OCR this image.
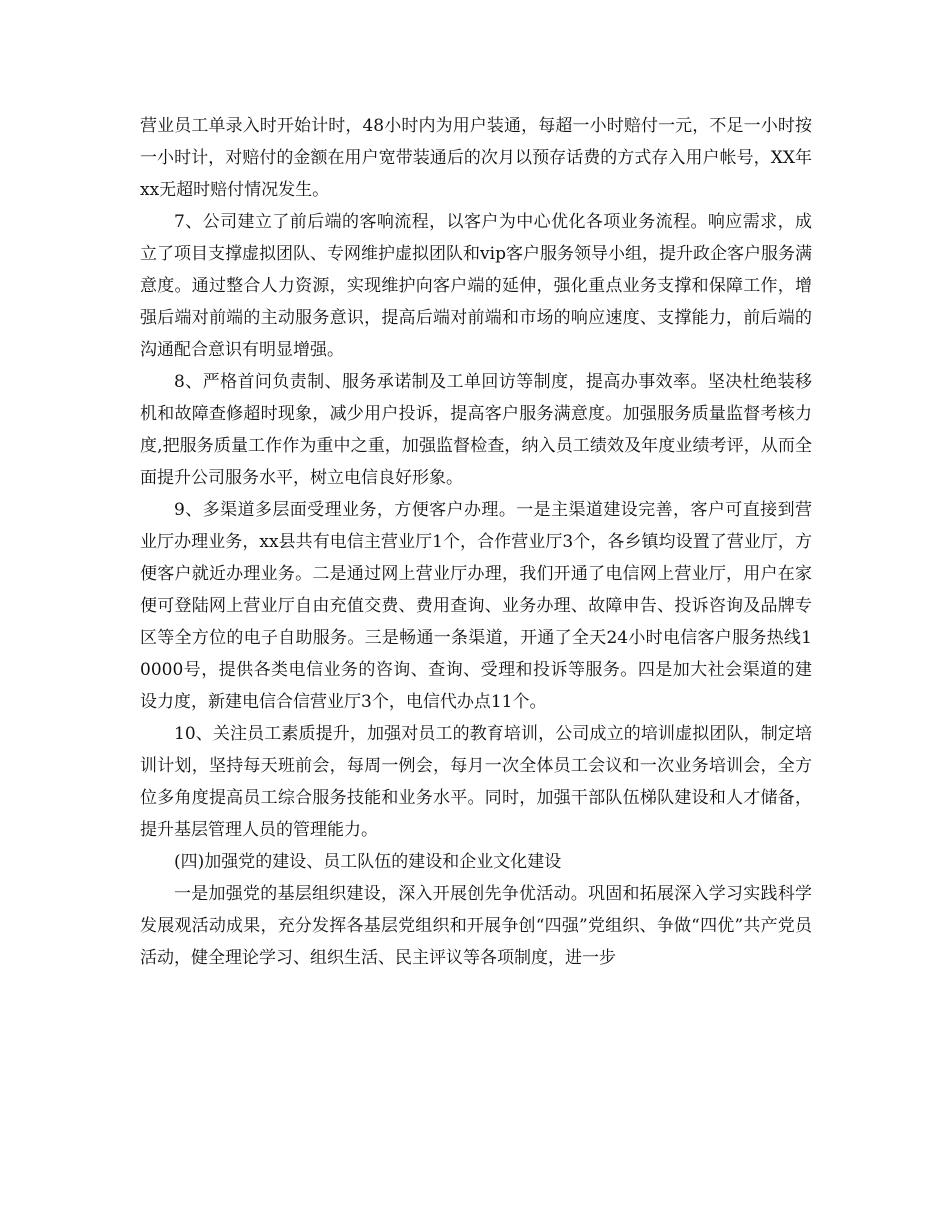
营业员工单录入时开始计时，48小时内为用户装通，每超一小时赔付一元，不足一小时按一小时计，对赔付的金额在用户宽带装通后的次月以预存话费的方式存入用户帐号，XX年xx无超时赔付情况发生。

7、公司建立了前后端的客响流程，以客户为中心优化各项业务流程。响应需求，成立了项目支撑虚拟团队、专网维护虚拟团队和vip客户服务领导小组，提升政企客户服务满意度。通过整合人力资源，实现维护向客户端的延伸，强化重点业务支撑和保障工作，增强后端对前端的主动服务意识，提高后端对前端和市场的响应速度、支撑能力，前后端的沟通配合意识有明显增强。

8、严格首问负责制、服务承诺制及工单回访等制度，提高办事效率。坚决杜绝装移机和故障查修超时现象，减少用户投诉，提高客户服务满意度。加强服务质量监督考核力度,把服务质量工作作为重中之重，加强监督检查，纳入员工绩效及年度业绩考评，从而全面提升公司服务水平，树立电信良好形象。

9、多渠道多层面受理业务，方便客户办理。一是主渠道建设完善，客户可直接到营业厅办理业务，xx县共有电信主营业厅1个，合作营业厅3个，各乡镇均设置了营业厅，方便客户就近办理业务。二是通过网上营业厅办理，我们开通了电信网上营业厅，用户在家便可登陆网上营业厅自由充值交费、费用查询、业务办理、故障申告、投诉咨询及品牌专区等全方位的电子自助服务。三是畅通一条渠道，开通了全天24小时电信客户服务热线10000号，提供各类电信业务的咨询、查询、受理和投诉等服务。四是加大社会渠道的建设力度，新建电信合信营业厅3个，电信代办点11个。

10、关注员工素质提升，加强对员工的教育培训，公司成立的培训虚拟团队，制定培训计划，坚持每天班前会，每周一例会，每月一次全体员工会议和一次业务培训会，全方位多角度提高员工综合服务技能和业务水平。同时，加强干部队伍梯队建设和人才储备，提升基层管理人员的管理能力。

(四)加强党的建设、员工队伍的建设和企业文化建设

一是加强党的基层组织建设，深入开展创先争优活动。巩固和拓展深入学习实践科学发展观活动成果，充分发挥各基层党组织和开展争创“四强”党组织、争做“四优”共产党员活动，健全理论学习、组织生活、民主评议等各项制度，进一步
